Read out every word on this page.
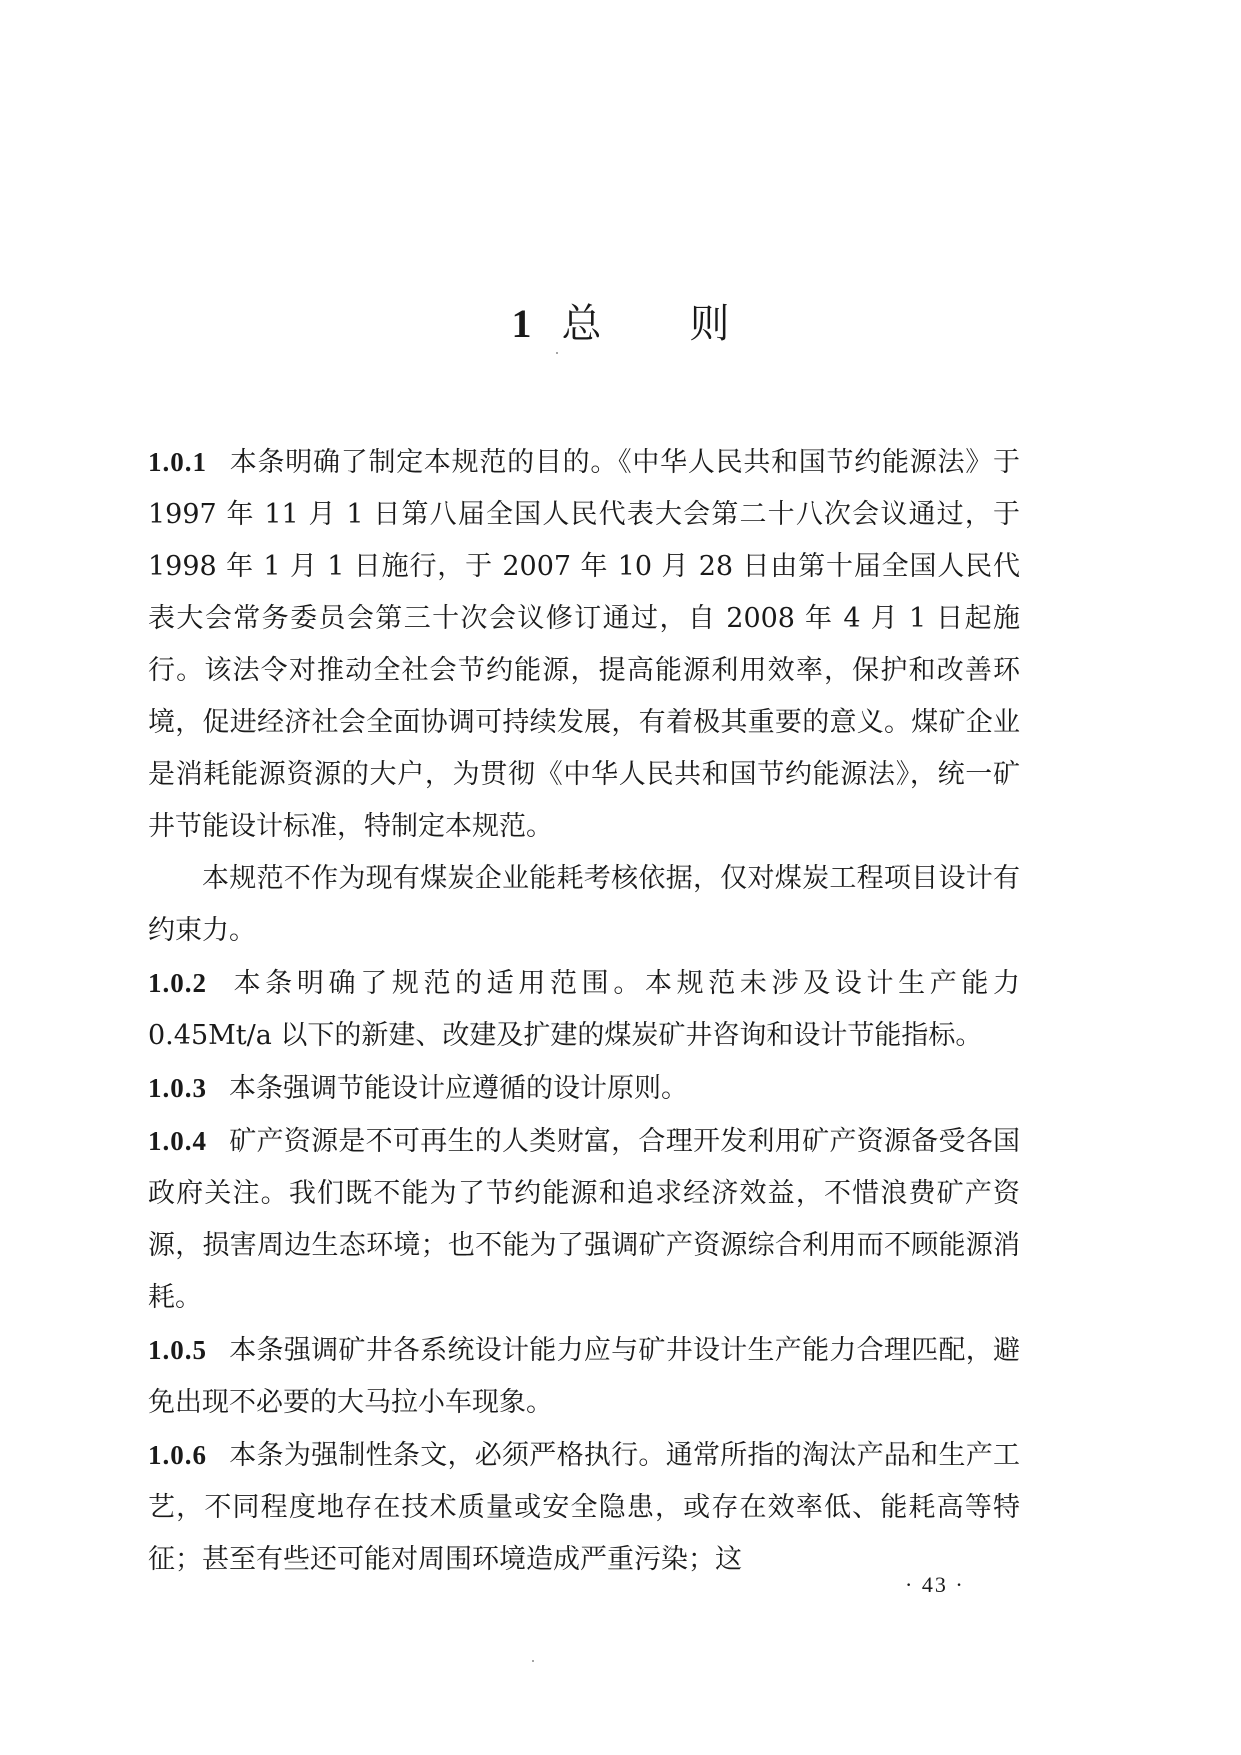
1 总则

1.0.1 本条明确了制定本规范的目的。《中华人民共和国节约能源法》于 1997 年 11 月 1 日第八届全国人民代表大会第二十八次会议通过，于 1998 年 1 月 1 日施行，于 2007 年 10 月 28 日由第十届全国人民代表大会常务委员会第三十次会议修订通过，自 2008 年 4 月 1 日起施行。该法令对推动全社会节约能源，提高能源利用效率，保护和改善环境，促进经济社会全面协调可持续发展，有着极其重要的意义。煤矿企业是消耗能源资源的大户，为贯彻《中华人民共和国节约能源法》，统一矿井节能设计标准，特制定本规范。

本规范不作为现有煤炭企业能耗考核依据，仅对煤炭工程项目设计有约束力。

1.0.2 本条明确了规范的适用范围。本规范未涉及设计生产能力 0.45Mt/a 以下的新建、改建及扩建的煤炭矿井咨询和设计节能指标。

1.0.3 本条强调节能设计应遵循的设计原则。

1.0.4 矿产资源是不可再生的人类财富，合理开发利用矿产资源备受各国政府关注。我们既不能为了节约能源和追求经济效益，不惜浪费矿产资源，损害周边生态环境；也不能为了强调矿产资源综合利用而不顾能源消耗。

1.0.5 本条强调矿井各系统设计能力应与矿井设计生产能力合理匹配，避免出现不必要的大马拉小车现象。

1.0.6 本条为强制性条文，必须严格执行。通常所指的淘汰产品和生产工艺，不同程度地存在技术质量或安全隐患，或存在效率低、能耗高等特征；甚至有些还可能对周围环境造成严重污染；这

· 43 ·
